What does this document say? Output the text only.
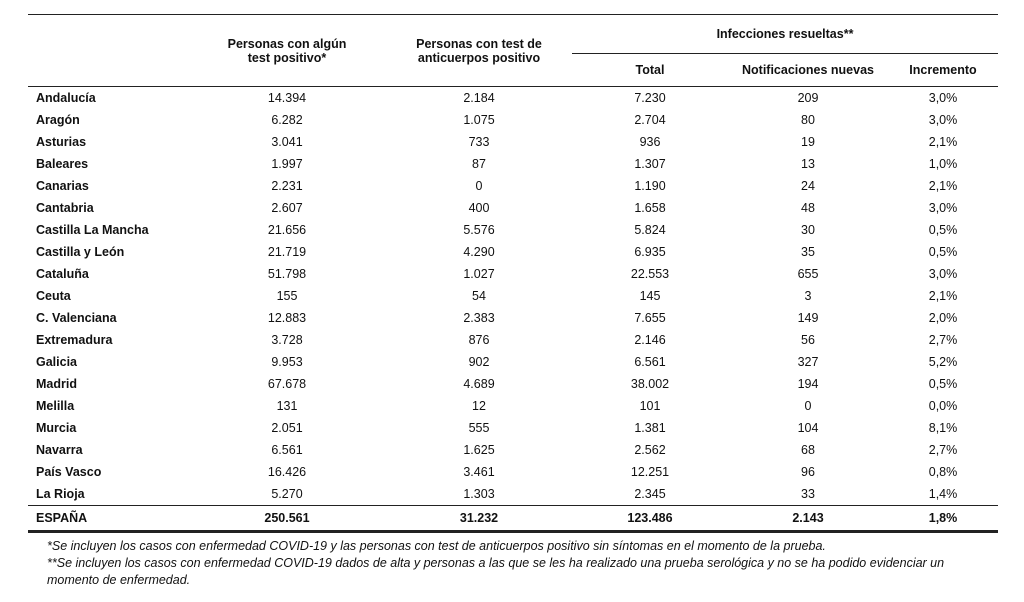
	Personas con algún test positivo*	Personas con test de anticuerpos positivo	Infecciones resueltas**		
			Total	Notificaciones nuevas	Incremento

Andalucía	14.394	2.184	7.230	209	3,0%
Aragón	6.282	1.075	2.704	80	3,0%
Asturias	3.041	733	936	19	2,1%
Baleares	1.997	87	1.307	13	1,0%
Canarias	2.231	0	1.190	24	2,1%
Cantabria	2.607	400	1.658	48	3,0%
Castilla La Mancha	21.656	5.576	5.824	30	0,5%
Castilla y León	21.719	4.290	6.935	35	0,5%
Cataluña	51.798	1.027	22.553	655	3,0%
Ceuta	155	54	145	3	2,1%
C. Valenciana	12.883	2.383	7.655	149	2,0%
Extremadura	3.728	876	2.146	56	2,7%
Galicia	9.953	902	6.561	327	5,2%
Madrid	67.678	4.689	38.002	194	0,5%
Melilla	131	12	101	0	0,0%
Murcia	2.051	555	1.381	104	8,1%
Navarra	6.561	1.625	2.562	68	2,7%
País Vasco	16.426	3.461	12.251	96	0,8%
La Rioja	5.270	1.303	2.345	33	1,4%
ESPAÑA	250.561	31.232	123.486	2.143	1,8%

*Se incluyen los casos con enfermedad COVID-19 y las personas con test de anticuerpos positivo sin síntomas en el momento de la prueba.

**Se incluyen los casos con enfermedad COVID-19 dados de alta y personas a las que se les ha realizado una prueba serológica y no se ha podido evidenciar un momento de enfermedad.
